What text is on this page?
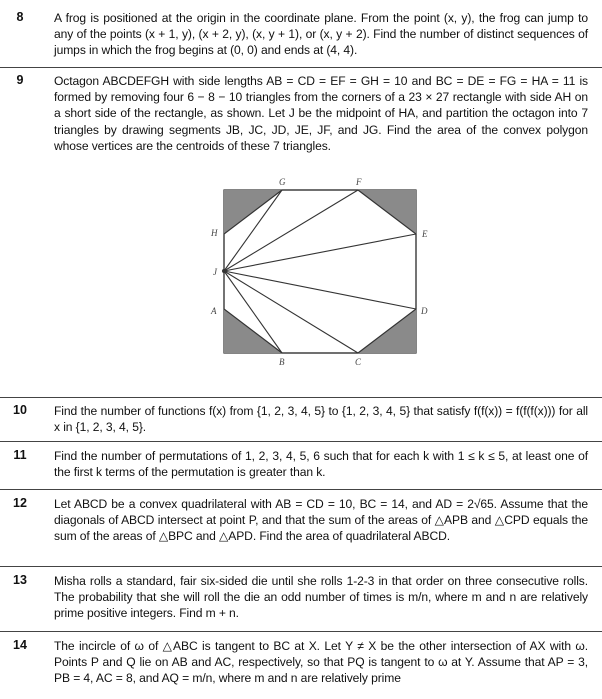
8	A frog is positioned at the origin in the coordinate plane. From the point (x, y), the frog can jump to any of the points (x + 1, y), (x + 2, y), (x, y + 1), or (x, y + 2). Find the number of distinct sequences of jumps in which the frog begins at (0, 0) and ends at (4, 4).
9	Octagon ABCDEFGH with side lengths AB = CD = EF = GH = 10 and BC = DE = FG = HA = 11 is formed by removing four 6 − 8 − 10 triangles from the corners of a 23 × 27 rectangle with side AH on a short side of the rectangle, as shown. Let J be the midpoint of HA, and partition the octagon into 7 triangles by drawing segments JB, JC, JD, JE, JF, and JG. Find the area of the convex polygon whose vertices are the centroids of these 7 triangles.
G	F
H	E
J
A	D
B	C
10	Find the number of functions f(x) from {1, 2, 3, 4, 5} to {1, 2, 3, 4, 5} that satisfy f(f(x)) = f(f(f(x))) for all x in {1, 2, 3, 4, 5}.
11	Find the number of permutations of 1, 2, 3, 4, 5, 6 such that for each k with 1 ≤ k ≤ 5, at least one of the first k terms of the permutation is greater than k.
12	Let ABCD be a convex quadrilateral with AB = CD = 10, BC = 14, and AD = 2√65. Assume that the diagonals of ABCD intersect at point P, and that the sum of the areas of △APB and △CPD equals the sum of the areas of △BPC and △APD. Find the area of quadrilateral ABCD.
13	Misha rolls a standard, fair six-sided die until she rolls 1-2-3 in that order on three consecutive rolls. The probability that she will roll the die an odd number of times is m/n, where m and n are relatively prime positive integers. Find m + n.
14	The incircle of ω of △ABC is tangent to BC at X. Let Y ≠ X be the other intersection of AX with ω. Points P and Q lie on AB and AC, respectively, so that PQ is tangent to ω at Y. Assume that AP = 3, PB = 4, AC = 8, and AQ = m/n, where m and n are relatively prime
